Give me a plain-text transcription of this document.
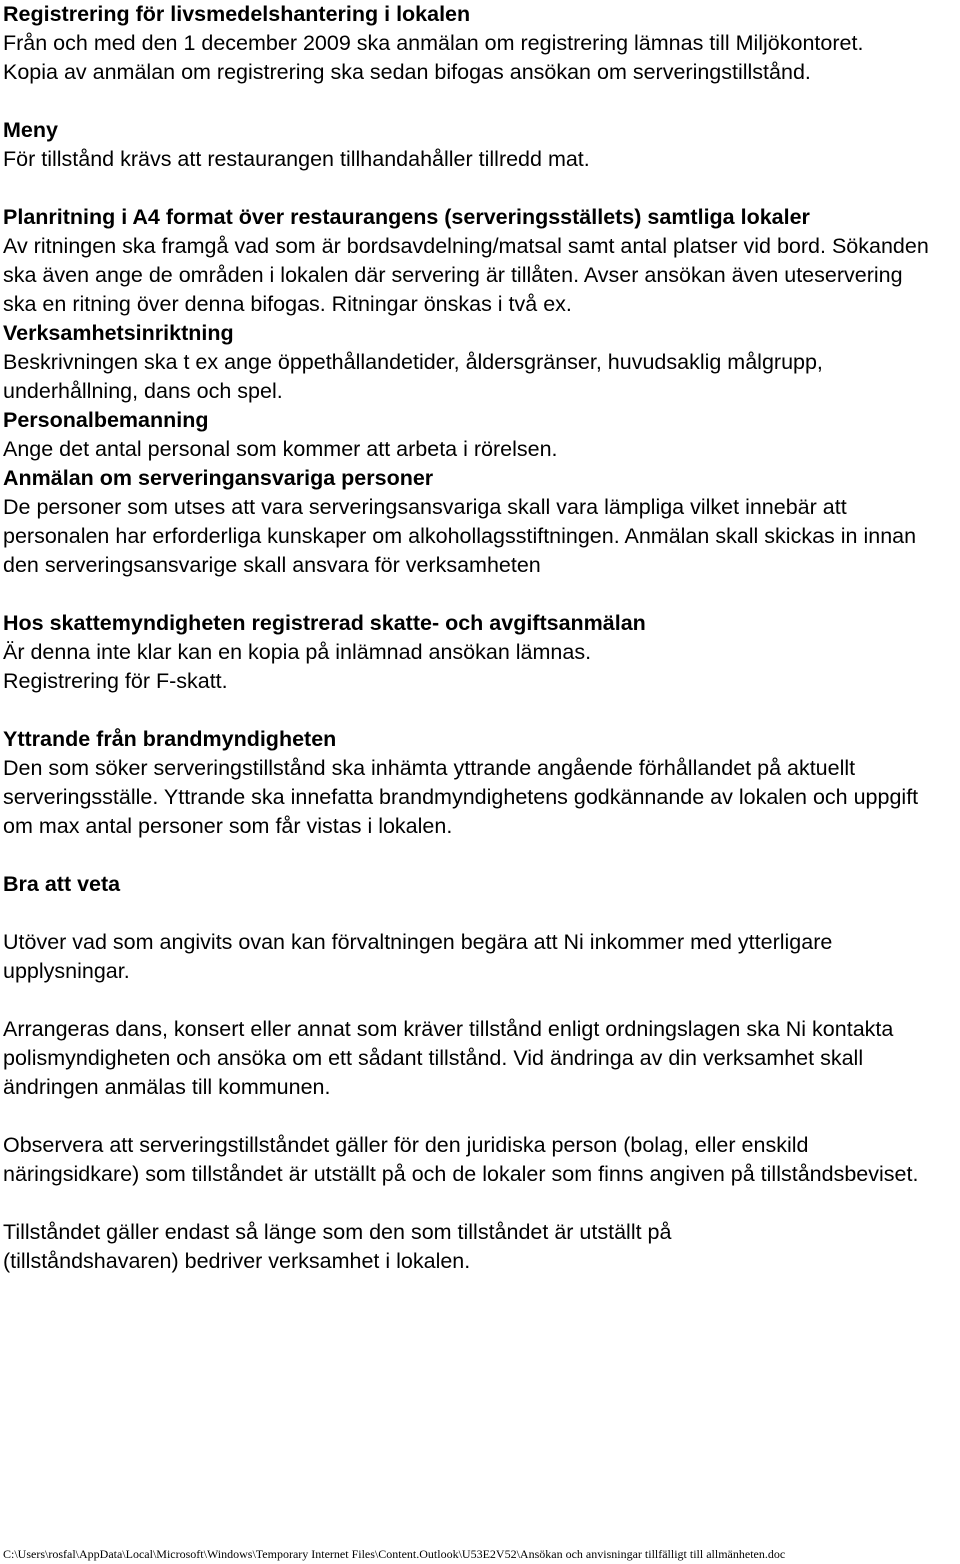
Registrering för livsmedelshantering i lokalen
Från och med den 1 december 2009 ska anmälan om registrering lämnas till Miljökontoret. Kopia av anmälan om registrering ska sedan bifogas ansökan om serveringstillstånd.
Meny
För tillstånd krävs att restaurangen tillhandahåller tillredd mat.
Planritning i A4 format över restaurangens (serveringsställets) samtliga lokaler
Av ritningen ska framgå vad som är bordsavdelning/matsal samt antal platser vid bord. Sökanden ska även ange de områden i lokalen där servering är tillåten. Avser ansökan även uteservering ska en ritning över denna bifogas. Ritningar önskas i två ex.
Verksamhetsinriktning
Beskrivningen ska t ex ange öppethållandetider, åldersgränser, huvudsaklig målgrupp, underhållning, dans och spel.
Personalbemanning
Ange det antal personal som kommer att arbeta i rörelsen.
Anmälan om serveringansvariga personer
De personer som utses att vara serveringsansvariga skall vara lämpliga vilket innebär att personalen har erforderliga kunskaper om alkohollagsstiftningen. Anmälan skall skickas in innan den serveringsansvarige skall ansvara för verksamheten
Hos skattemyndigheten registrerad skatte- och avgiftsanmälan
Är denna inte klar kan en kopia på inlämnad ansökan lämnas.
Registrering för F-skatt.
Yttrande från brandmyndigheten
Den som söker serveringstillstånd ska inhämta yttrande angående förhållandet på aktuellt serveringsställe. Yttrande ska innefatta brandmyndighetens godkännande av lokalen och uppgift om max antal personer som får vistas i lokalen.
Bra att veta
Utöver vad som angivits ovan kan förvaltningen begära att Ni inkommer med ytterligare upplysningar.
Arrangeras dans, konsert eller annat som kräver tillstånd enligt ordningslagen ska Ni kontakta polismyndigheten och ansöka om ett sådant tillstånd. Vid ändringa av din verksamhet skall ändringen anmälas till kommunen.
Observera att serveringstillståndet gäller för den juridiska person (bolag, eller enskild näringsidkare) som tillståndet är utställt på och de lokaler som finns angiven på tillståndsbeviset.
Tillståndet gäller endast så länge som den som tillståndet är utställt på (tillståndshavaren) bedriver verksamhet i lokalen.
C:\Users\rosfal\AppData\Local\Microsoft\Windows\Temporary Internet Files\Content.Outlook\U53E2V52\Ansökan och anvisningar tillfälligt till allmänheten.doc
